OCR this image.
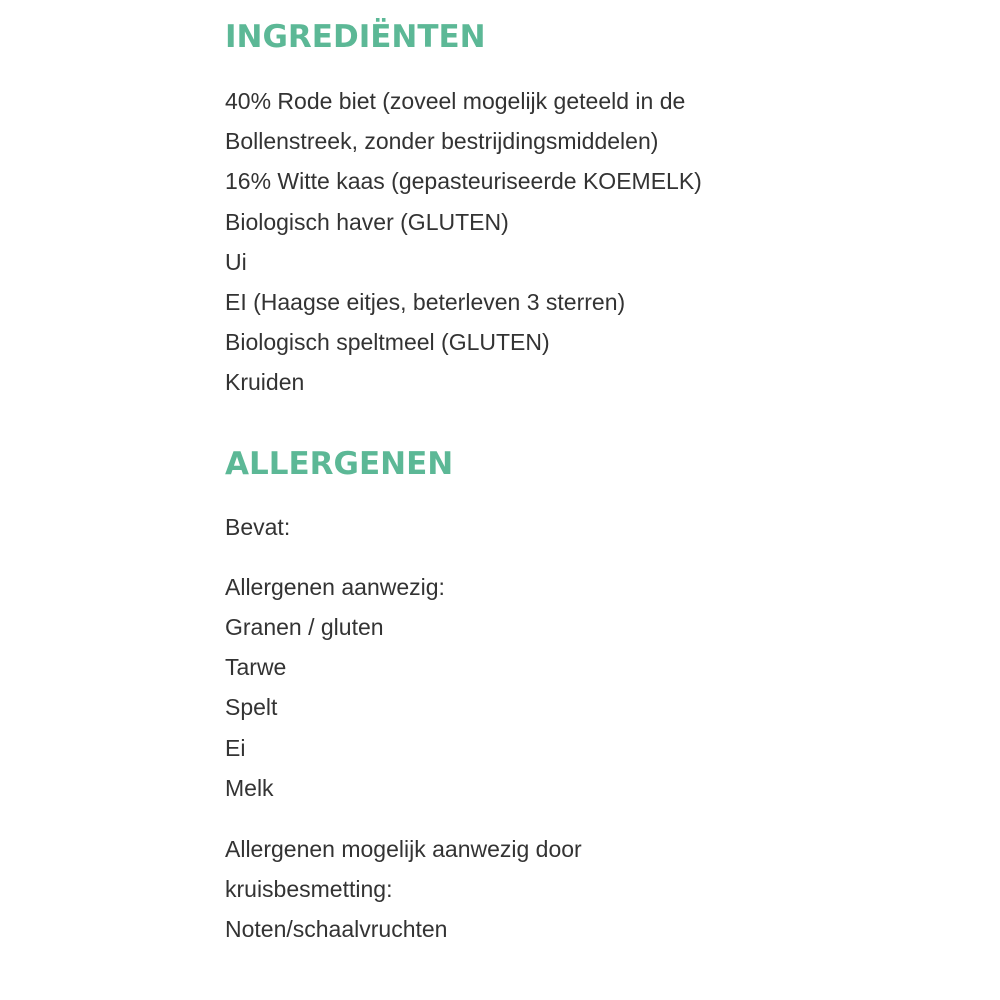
INGREDIËNTEN
40% Rode biet (zoveel mogelijk geteeld in de
Bollenstreek, zonder bestrijdingsmiddelen)
16% Witte kaas (gepasteuriseerde KOEMELK)
Biologisch haver (GLUTEN)
Ui
EI (Haagse eitjes, beterleven 3 sterren)
Biologisch speltmeel (GLUTEN)
Kruiden
ALLERGENEN
Bevat:
Allergenen aanwezig:
Granen / gluten
Tarwe
Spelt
Ei
Melk
Allergenen mogelijk aanwezig door
kruisbesmetting:
Noten/schaalvruchten
